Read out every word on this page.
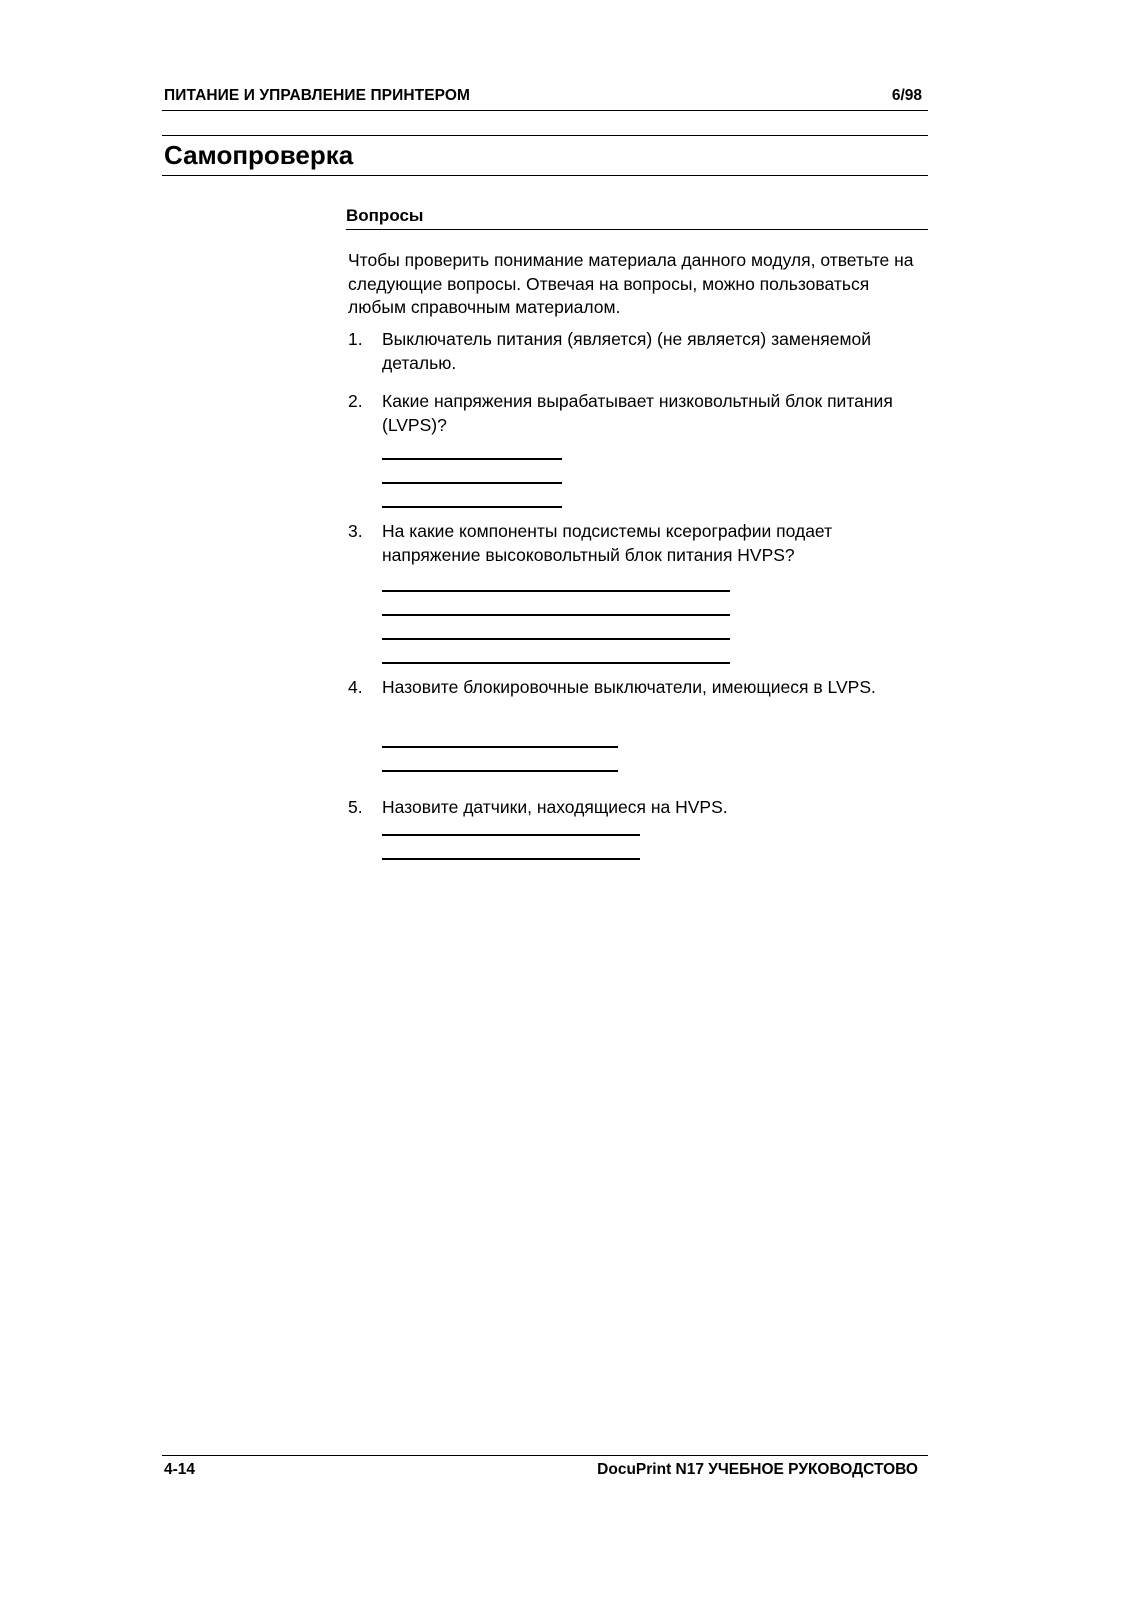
ПИТАНИЕ И УПРАВЛЕНИЕ ПРИНТЕРОМ	6/98
Самопроверка
Вопросы
Чтобы проверить понимание материала данного модуля, ответьте на следующие вопросы. Отвечая на вопросы, можно пользоваться любым справочным материалом.
1.	Выключатель питания (является) (не является) заменяемой деталью.
2.	Какие напряжения вырабатывает низковольтный блок питания (LVPS)?
3.	На какие компоненты подсистемы ксерографии подает напряжение высоковольтный блок питания HVPS?
4.	Назовите блокировочные выключатели, имеющиеся в LVPS.
5.	Назовите датчики, находящиеся на HVPS.
4-14	DocuPrint N17 УЧЕБНОЕ РУКОВОДСТОВО
